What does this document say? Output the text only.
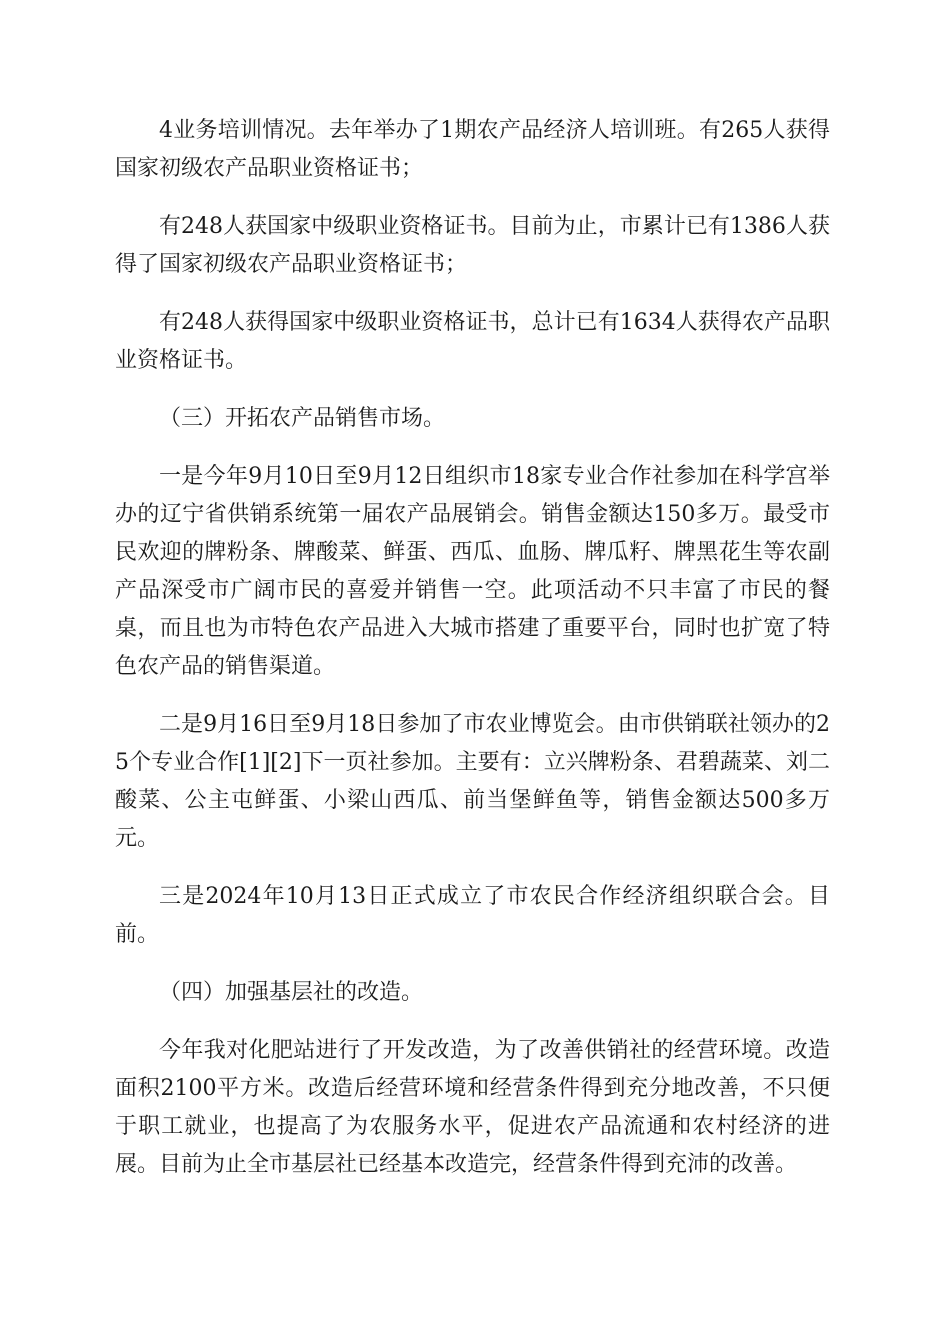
4业务培训情况。去年举办了1期农产品经济人培训班。有265人获得国家初级农产品职业资格证书；

有248人获国家中级职业资格证书。目前为止，市累计已有1386人获得了国家初级农产品职业资格证书；

有248人获得国家中级职业资格证书，总计已有1634人获得农产品职业资格证书。

（三）开拓农产品销售市场。

一是今年9月10日至9月12日组织市18家专业合作社参加在科学宫举办的辽宁省供销系统第一届农产品展销会。销售金额达150多万。最受市民欢迎的牌粉条、牌酸菜、鲜蛋、西瓜、血肠、牌瓜籽、牌黑花生等农副产品深受市广阔市民的喜爱并销售一空。此项活动不只丰富了市民的餐桌，而且也为市特色农产品进入大城市搭建了重要平台，同时也扩宽了特色农产品的销售渠道。

二是9月16日至9月18日参加了市农业博览会。由市供销联社领办的25个专业合作[1][2]下一页社参加。主要有：立兴牌粉条、君碧蔬菜、刘二酸菜、公主屯鲜蛋、小梁山西瓜、前当堡鲜鱼等，销售金额达500多万元。

三是2024年10月13日正式成立了市农民合作经济组织联合会。目前。

（四）加强基层社的改造。

今年我对化肥站进行了开发改造，为了改善供销社的经营环境。改造面积2100平方米。改造后经营环境和经营条件得到充分地改善，不只便于职工就业，也提高了为农服务水平，促进农产品流通和农村经济的进展。目前为止全市基层社已经基本改造完，经营条件得到充沛的改善。
